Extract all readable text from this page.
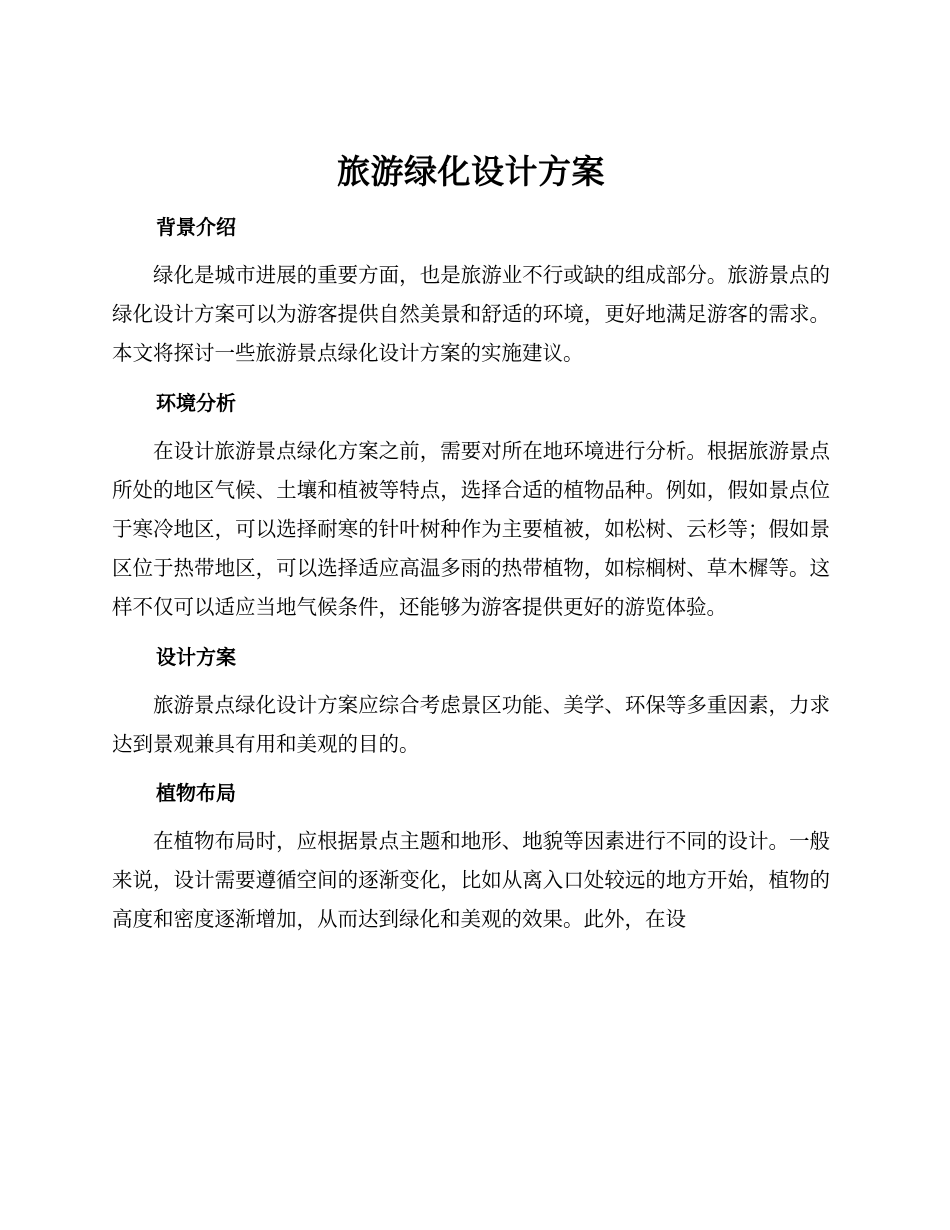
旅游绿化设计方案
背景介绍

绿化是城市进展的重要方面，也是旅游业不行或缺的组成部分。旅游景点的绿化设计方案可以为游客提供自然美景和舒适的环境，更好地满足游客的需求。本文将探讨一些旅游景点绿化设计方案的实施建议。

环境分析

在设计旅游景点绿化方案之前，需要对所在地环境进行分析。根据旅游景点所处的地区气候、土壤和植被等特点，选择合适的植物品种。例如，假如景点位于寒冷地区，可以选择耐寒的针叶树种作为主要植被，如松树、云杉等；假如景区位于热带地区，可以选择适应高温多雨的热带植物，如棕榈树、草木樨等。这样不仅可以适应当地气候条件，还能够为游客提供更好的游览体验。

设计方案

旅游景点绿化设计方案应综合考虑景区功能、美学、环保等多重因素，力求达到景观兼具有用和美观的目的。

植物布局

在植物布局时，应根据景点主题和地形、地貌等因素进行不同的设计。一般来说，设计需要遵循空间的逐渐变化，比如从离入口处较远的地方开始，植物的高度和密度逐渐增加，从而达到绿化和美观的效果。此外，在设
